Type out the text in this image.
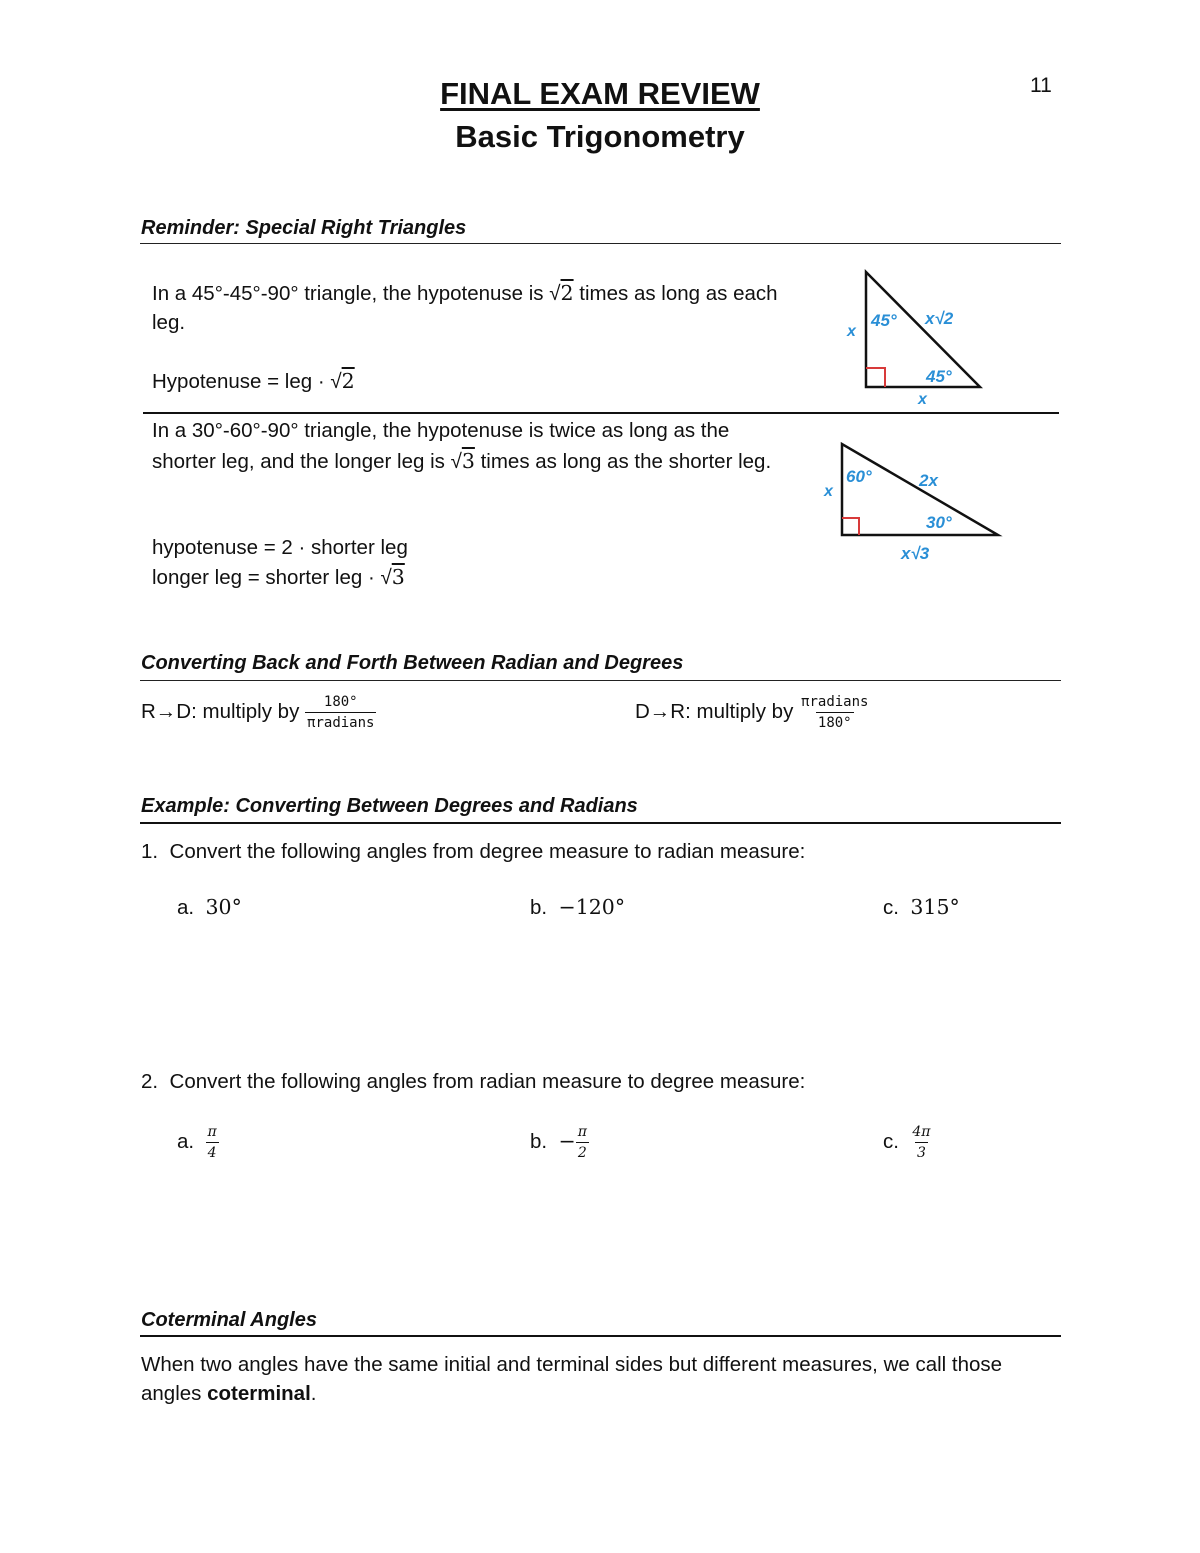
11
FINAL EXAM REVIEW
Basic Trigonometry
Reminder: Special Right Triangles
In a 45°-45°-90° triangle, the hypotenuse is √2 times as long as each leg.
Hypotenuse = leg · √2
x
45° x√2
45°
x
In a 30°-60°-90° triangle, the hypotenuse is twice as long as the shorter leg, and the longer leg is √3 times as long as the shorter leg.
hypotenuse = 2 · shorter leg
longer leg = shorter leg · √3
x
60°	2x
30°
x√3
Converting Back and Forth Between Radian and Degrees
R→D: multiply by $\frac{180^\circ}{\text{πradians}}$	D→R: multiply by $\frac{\text{πradians}}{180^\circ}$
Example: Converting Between Degrees and Radians
1. Convert the following angles from degree measure to radian measure:
a. 30°	b. −120°	c. 315°
2. Convert the following angles from radian measure to degree measure:
a. $\frac{\pi}{4}$	b. − $\frac{\pi}{2}$	c. $\frac{4\pi}{3}$
Coterminal Angles
When two angles have the same initial and terminal sides but different measures, we call those angles coterminal.
